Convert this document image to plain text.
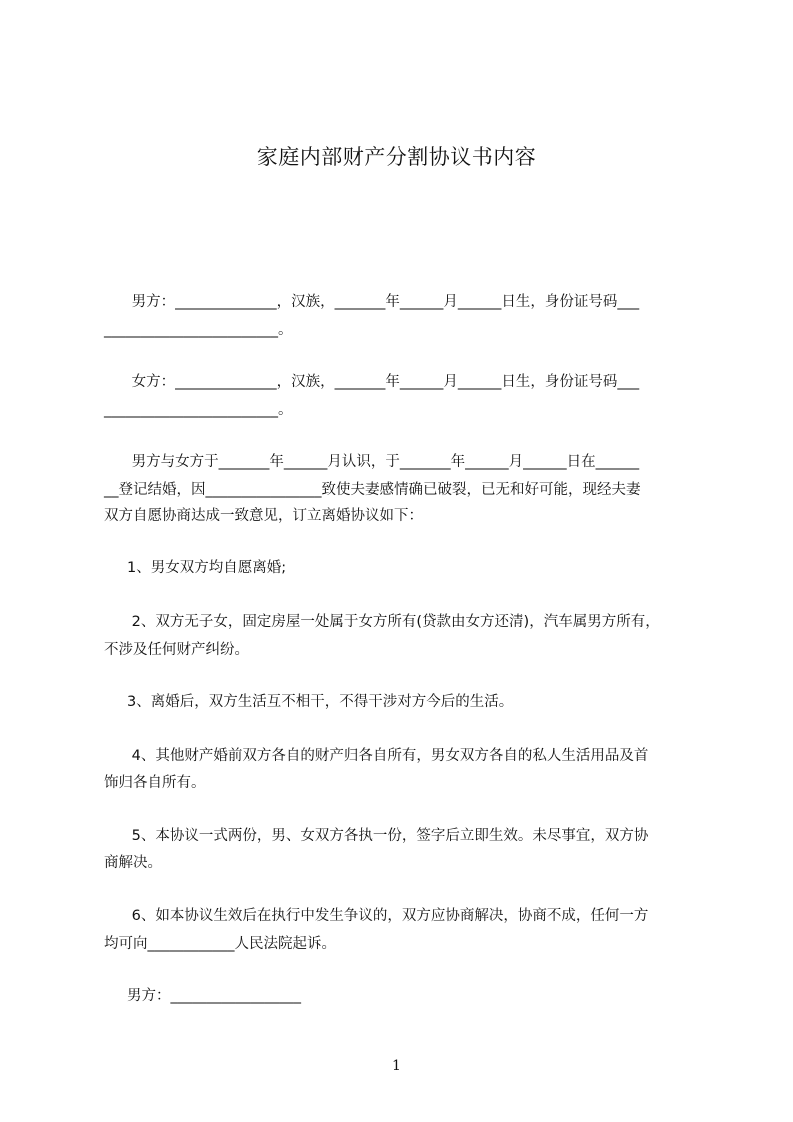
家庭内部财产分割协议书内容
男方：______________，汉族，_______年______月______日生，身份证号码___
________________________。
女方：______________，汉族，_______年______月______日生，身份证号码___
________________________。
男方与女方于_______年______月认识，于_______年______月______日在______
__登记结婚，因________________致使夫妻感情确已破裂，已无和好可能，现经夫妻
双方自愿协商达成一致意见，订立离婚协议如下：
1、男女双方均自愿离婚;
2、双方无子女，固定房屋一处属于女方所有(贷款由女方还清)，汽车属男方所有，
不涉及任何财产纠纷。
3、离婚后，双方生活互不相干，不得干涉对方今后的生活。
4、其他财产婚前双方各自的财产归各自所有，男女双方各自的私人生活用品及首
饰归各自所有。
5、本协议一式两份，男、女双方各执一份，签字后立即生效。未尽事宜，双方协
商解决。
6、如本协议生效后在执行中发生争议的，双方应协商解决，协商不成，任何一方
均可向____________人民法院起诉。
男方：__________________
1
